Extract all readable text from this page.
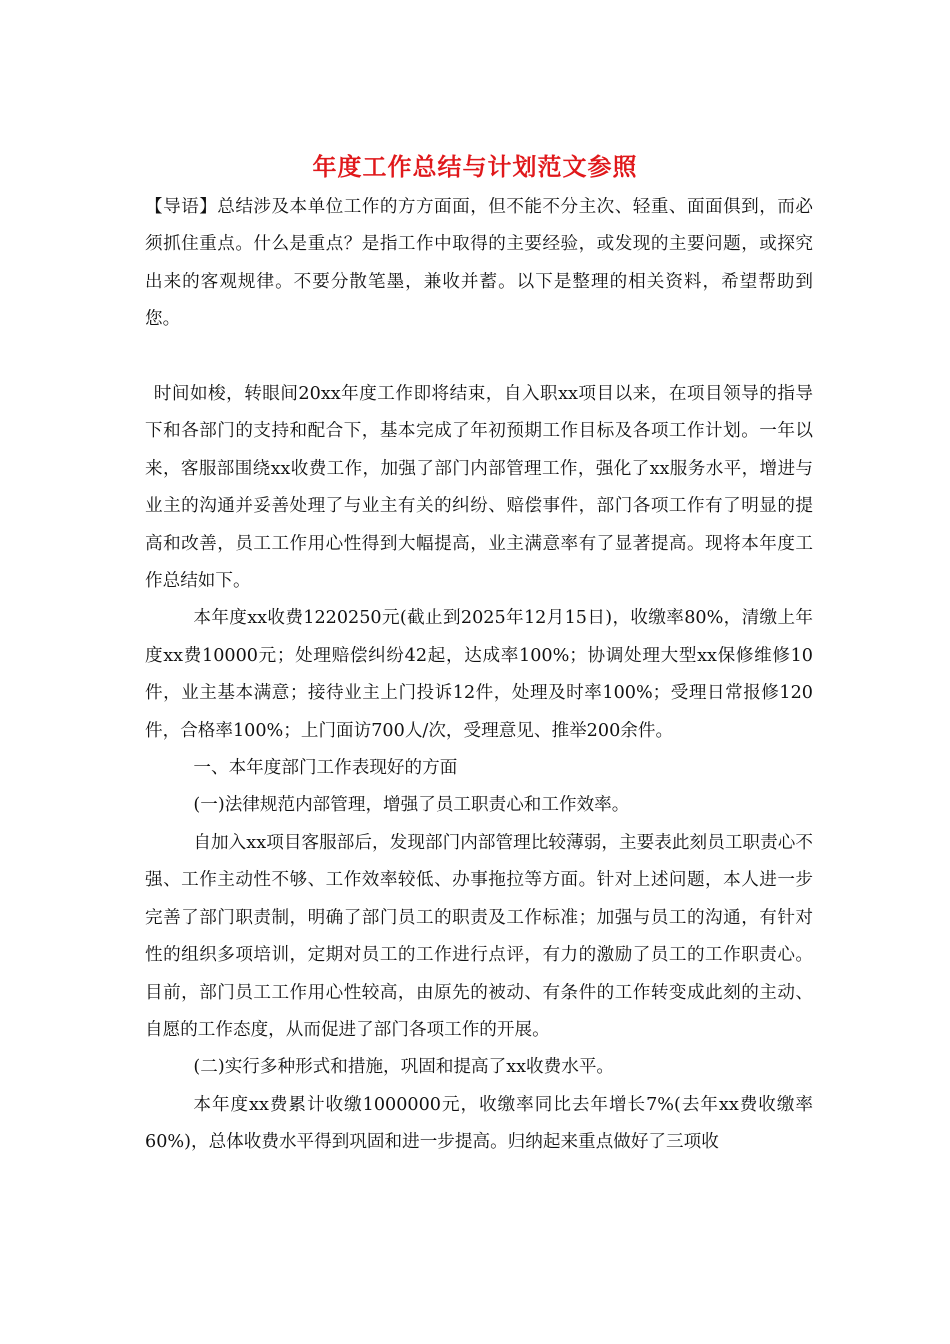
年度工作总结与计划范文参照

【导语】总结涉及本单位工作的方方面面，但不能不分主次、轻重、面面俱到，而必须抓住重点。什么是重点？是指工作中取得的主要经验，或发现的主要问题，或探究出来的客观规律。不要分散笔墨，兼收并蓄。以下是整理的相关资料，希望帮助到您。

时间如梭，转眼间20xx年度工作即将结束，自入职xx项目以来，在项目领导的指导下和各部门的支持和配合下，基本完成了年初预期工作目标及各项工作计划。一年以来，客服部围绕xx收费工作，加强了部门内部管理工作，强化了xx服务水平，增进与业主的沟通并妥善处理了与业主有关的纠纷、赔偿事件，部门各项工作有了明显的提高和改善，员工工作用心性得到大幅提高，业主满意率有了显著提高。现将本年度工作总结如下。

本年度xx收费1220250元(截止到2025年12月15日)，收缴率80%，清缴上年度xx费10000元；处理赔偿纠纷42起，达成率100%；协调处理大型xx保修维修10件，业主基本满意；接待业主上门投诉12件，处理及时率100%；受理日常报修120件，合格率100%；上门面访700人/次，受理意见、推举200余件。

一、本年度部门工作表现好的方面

(一)法律规范内部管理，增强了员工职责心和工作效率。

自加入xx项目客服部后，发现部门内部管理比较薄弱，主要表此刻员工职责心不强、工作主动性不够、工作效率较低、办事拖拉等方面。针对上述问题，本人进一步完善了部门职责制，明确了部门员工的职责及工作标准；加强与员工的沟通，有针对性的组织多项培训，定期对员工的工作进行点评，有力的激励了员工的工作职责心。目前，部门员工工作用心性较高，由原先的被动、有条件的工作转变成此刻的主动、自愿的工作态度，从而促进了部门各项工作的开展。

(二)实行多种形式和措施，巩固和提高了xx收费水平。

本年度xx费累计收缴1000000元，收缴率同比去年增长7%(去年xx费收缴率60%)，总体收费水平得到巩固和进一步提高。归纳起来重点做好了三项收
